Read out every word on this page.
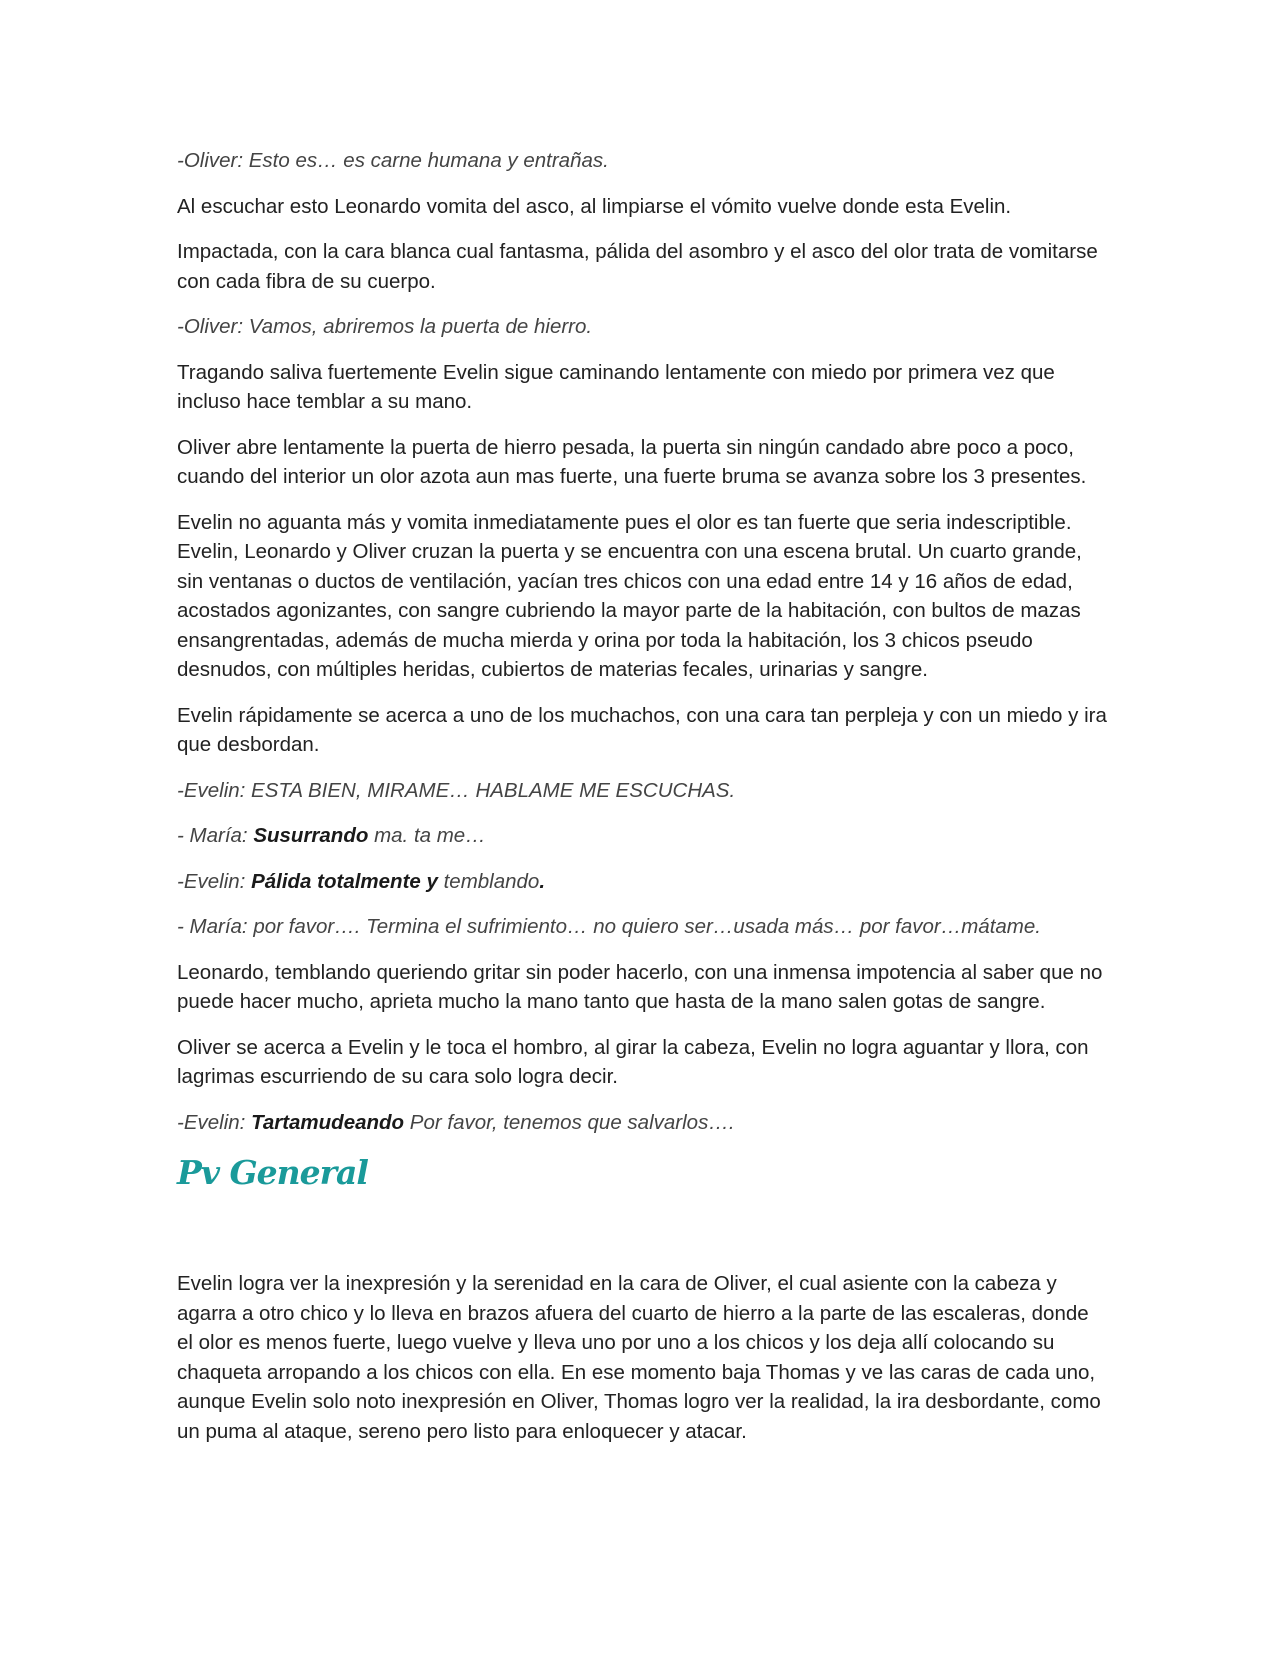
-Oliver: Esto es… es carne humana y entrañas.

Al escuchar esto Leonardo vomita del asco, al limpiarse el vómito vuelve donde esta Evelin.

Impactada, con la cara blanca cual fantasma, pálida del asombro y el asco del olor trata de vomitarse con cada fibra de su cuerpo.

-Oliver: Vamos, abriremos la puerta de hierro.

Tragando saliva fuertemente Evelin sigue caminando lentamente con miedo por primera vez que incluso hace temblar a su mano.

Oliver abre lentamente la puerta de hierro pesada, la puerta sin ningún candado abre poco a poco, cuando del interior un olor azota aun mas fuerte, una fuerte bruma se avanza sobre los 3 presentes.

Evelin no aguanta más y vomita inmediatamente pues el olor es tan fuerte que seria indescriptible. Evelin, Leonardo y Oliver cruzan la puerta y se encuentra con una escena brutal. Un cuarto grande, sin ventanas o ductos de ventilación, yacían tres chicos con una edad entre 14 y 16 años de edad, acostados agonizantes, con sangre cubriendo la mayor parte de la habitación, con bultos de mazas ensangrentadas, además de mucha mierda y orina por toda la habitación, los 3 chicos pseudo desnudos, con múltiples heridas, cubiertos de materias fecales, urinarias y sangre.

Evelin rápidamente se acerca a uno de los muchachos, con una cara tan perpleja y con un miedo y ira que desbordan.

-Evelin: ESTA BIEN, MIRAME… HABLAME ME ESCUCHAS.

- María: Susurrando ma. ta me…

-Evelin: Pálida totalmente y temblando.

- María: por favor…. Termina el sufrimiento… no quiero ser…usada más… por favor…mátame.

Leonardo, temblando queriendo gritar sin poder hacerlo, con una inmensa impotencia al saber que no puede hacer mucho, aprieta mucho la mano tanto que hasta de la mano salen gotas de sangre.

Oliver se acerca a Evelin y le toca el hombro, al girar la cabeza, Evelin no logra aguantar y llora, con lagrimas escurriendo de su cara solo logra decir.

-Evelin: Tartamudeando Por favor, tenemos que salvarlos….

Pv General

Evelin logra ver la inexpresión y la serenidad en la cara de Oliver, el cual asiente con la cabeza y agarra a otro chico y lo lleva en brazos afuera del cuarto de hierro a la parte de las escaleras, donde el olor es menos fuerte, luego vuelve y lleva uno por uno a los chicos y los deja allí colocando su chaqueta arropando a los chicos con ella. En ese momento baja Thomas y ve las caras de cada uno, aunque Evelin solo noto inexpresión en Oliver, Thomas logro ver la realidad, la ira desbordante, como un puma al ataque, sereno pero listo para enloquecer y atacar.
